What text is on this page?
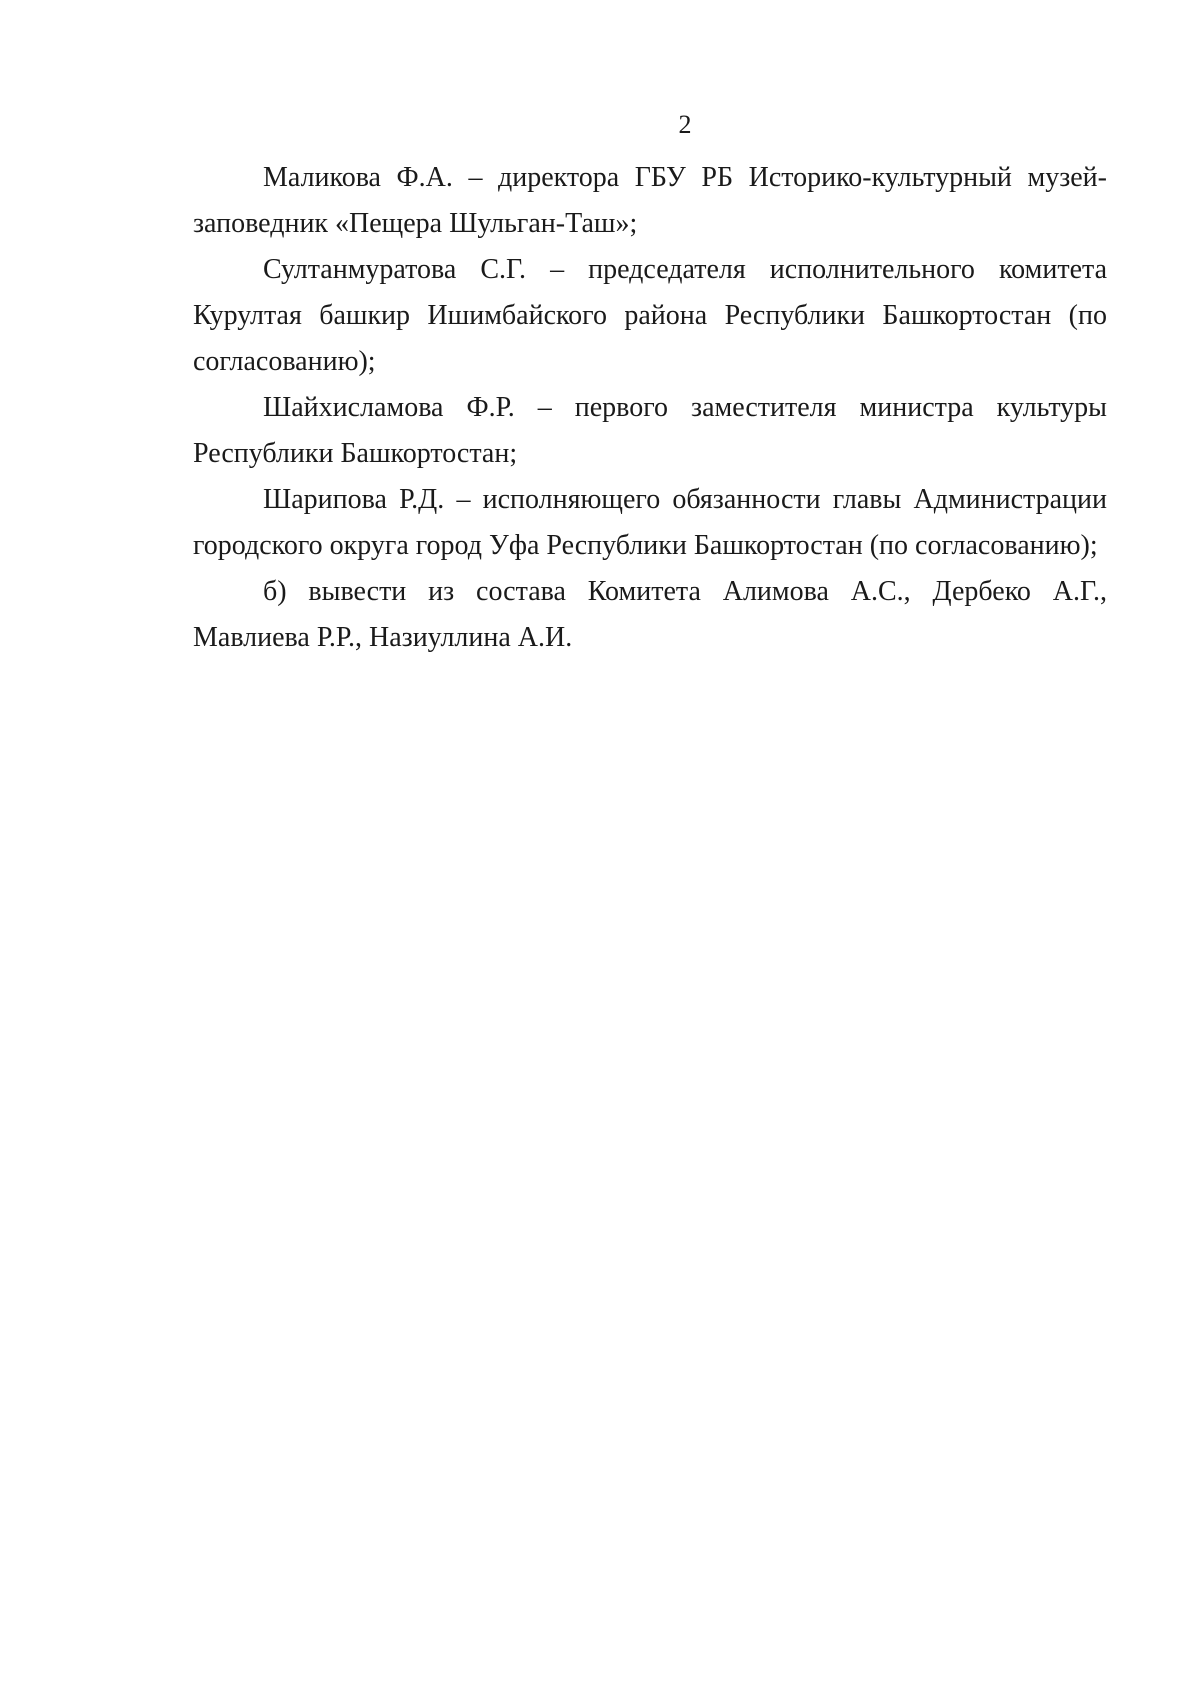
2

Маликова Ф.А. – директора ГБУ РБ Историко-культурный музей-заповедник «Пещера Шульган-Таш»;

Султанмуратова С.Г. – председателя исполнительного комитета Курултая башкир Ишимбайского района Республики Башкортостан (по согласованию);

Шайхисламова Ф.Р. – первого заместителя министра культуры Республики Башкортостан;

Шарипова Р.Д. – исполняющего обязанности главы Администрации городского округа город Уфа Республики Башкортостан (по согласованию);

б) вывести из состава Комитета Алимова А.С., Дербеко А.Г., Мавлиева Р.Р., Назиуллина А.И.
